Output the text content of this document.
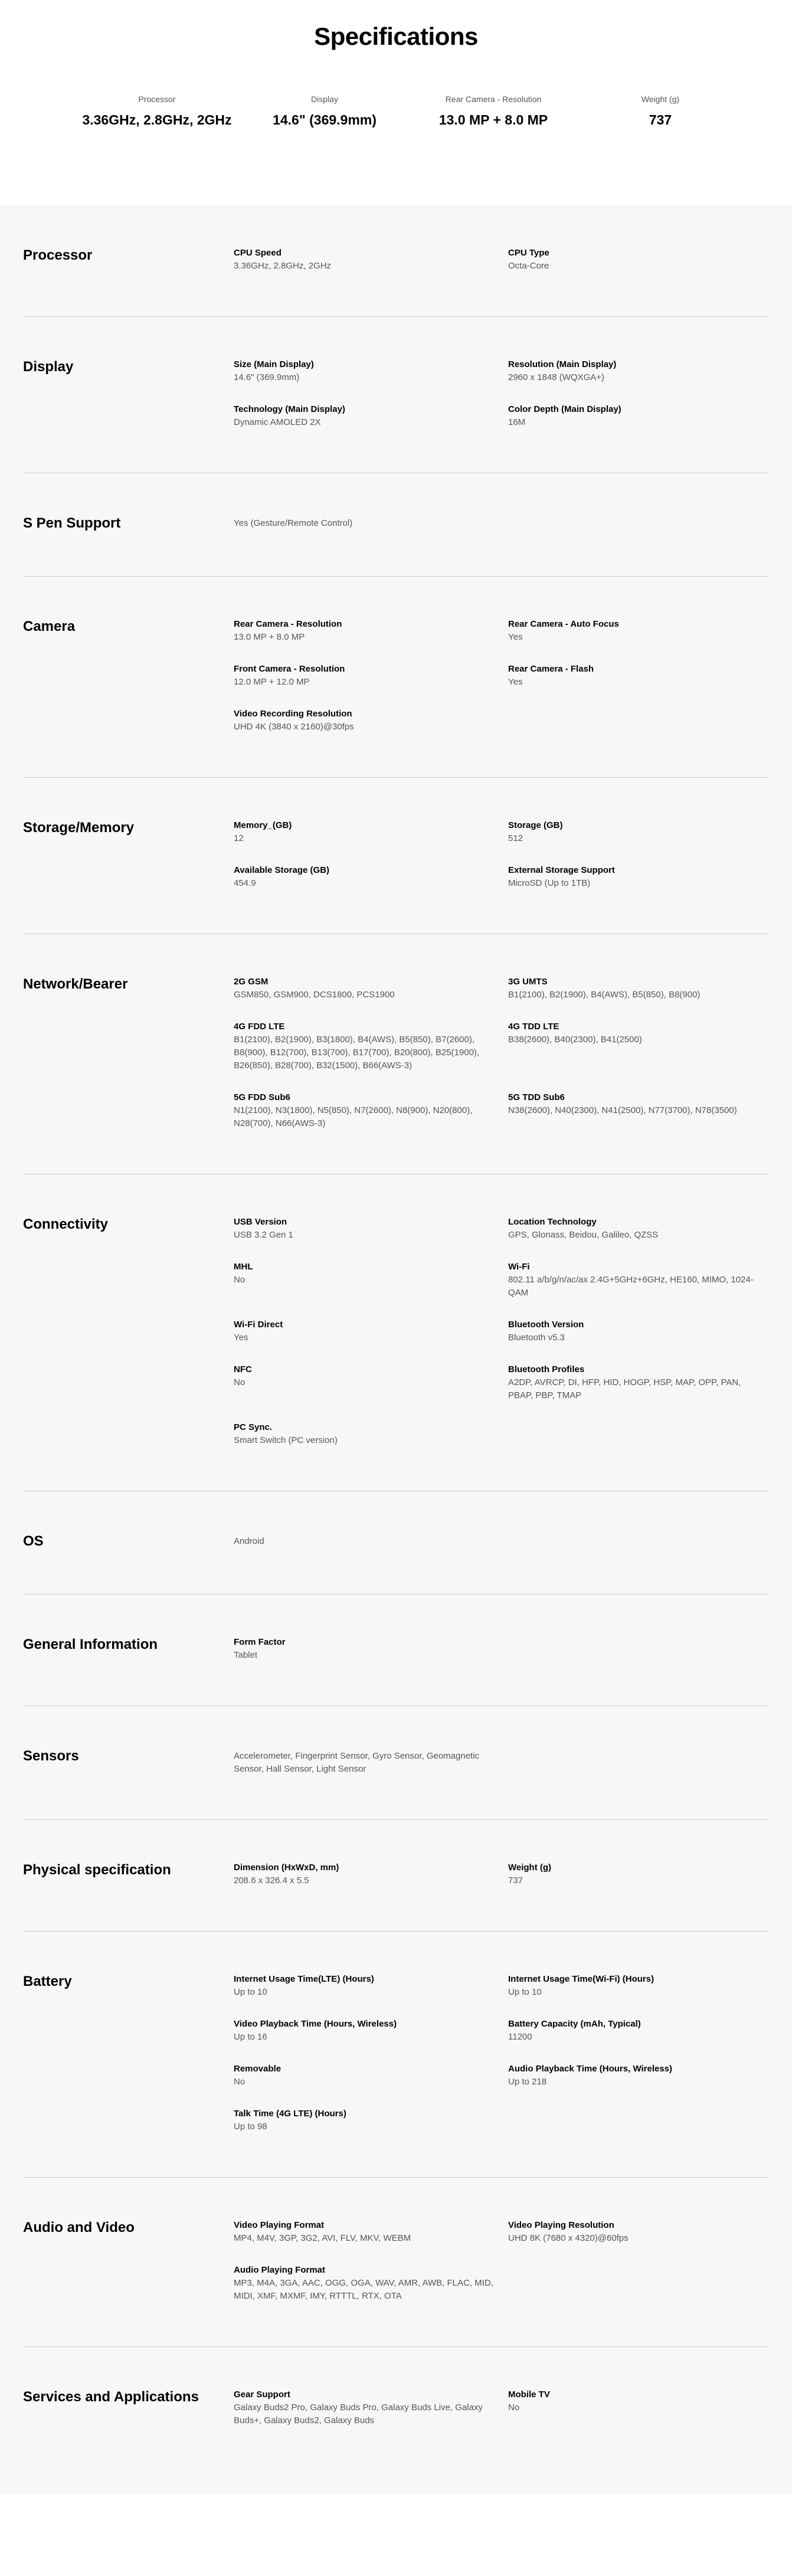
Specifications
Processor
3.36GHz, 2.8GHz, 2GHz
Display
14.6" (369.9mm)
Rear Camera - Resolution
13.0 MP + 8.0 MP
Weight (g)
737
Processor	CPU Speed
3.36GHz, 2.8GHz, 2GHz
CPU Type
Octa-Core
Display	Size (Main Display)
14.6" (369.9mm)
Resolution (Main Display)
2960 x 1848 (WQXGA+)
Technology (Main Display)
Dynamic AMOLED 2X
Color Depth (Main Display)
16M
S Pen Support	Yes (Gesture/Remote Control)
Camera	Rear Camera - Resolution
13.0 MP + 8.0 MP
Rear Camera - Auto Focus
Yes
Front Camera - Resolution
12.0 MP + 12.0 MP
Rear Camera - Flash
Yes
Video Recording Resolution
UHD 4K (3840 x 2160)@30fps
Storage/Memory	Memory_(GB)
12
Storage (GB)
512
Available Storage (GB)
454.9
External Storage Support
MicroSD (Up to 1TB)
Network/Bearer	2G GSM
GSM850, GSM900, DCS1800, PCS1900
3G UMTS
B1(2100), B2(1900), B4(AWS), B5(850), B8(900)
4G FDD LTE
B1(2100), B2(1900), B3(1800), B4(AWS), B5(850), B7(2600), B8(900), B12(700), B13(700), B17(700), B20(800), B25(1900), B26(850), B28(700), B32(1500), B66(AWS-3)
4G TDD LTE
B38(2600), B40(2300), B41(2500)
5G FDD Sub6
N1(2100), N3(1800), N5(850), N7(2600), N8(900), N20(800), N28(700), N66(AWS-3)
5G TDD Sub6
N38(2600), N40(2300), N41(2500), N77(3700), N78(3500)
Connectivity	USB Version
USB 3.2 Gen 1
Location Technology
GPS, Glonass, Beidou, Galileo, QZSS
MHL
No
Wi-Fi
802.11 a/b/g/n/ac/ax 2.4G+5GHz+6GHz, HE160, MIMO, 1024-QAM
Wi-Fi Direct
Yes
Bluetooth Version
Bluetooth v5.3
NFC
No
Bluetooth Profiles
A2DP, AVRCP, DI, HFP, HID, HOGP, HSP, MAP, OPP, PAN, PBAP, PBP, TMAP
PC Sync.
Smart Switch (PC version)
OS	Android
General Information	Form Factor
Tablet
Sensors	Accelerometer, Fingerprint Sensor, Gyro Sensor, Geomagnetic Sensor, Hall Sensor, Light Sensor
Physical specification	Dimension (HxWxD, mm)
208.6 x 326.4 x 5.5
Weight (g)
737
Battery	Internet Usage Time(LTE) (Hours)
Up to 10
Internet Usage Time(Wi-Fi) (Hours)
Up to 10
Video Playback Time (Hours, Wireless)
Up to 16
Battery Capacity (mAh, Typical)
11200
Removable
No
Audio Playback Time (Hours, Wireless)
Up to 218
Talk Time (4G LTE) (Hours)
Up to 98
Audio and Video	Video Playing Format
MP4, M4V, 3GP, 3G2, AVI, FLV, MKV, WEBM
Video Playing Resolution
UHD 8K (7680 x 4320)@60fps
Audio Playing Format
MP3, M4A, 3GA, AAC, OGG, OGA, WAV, AMR, AWB, FLAC, MID, MIDI, XMF, MXMF, IMY, RTTTL, RTX, OTA
Services and Applications	Gear Support
Galaxy Buds2 Pro, Galaxy Buds Pro, Galaxy Buds Live, Galaxy Buds+, Galaxy Buds2, Galaxy Buds
Mobile TV
No
